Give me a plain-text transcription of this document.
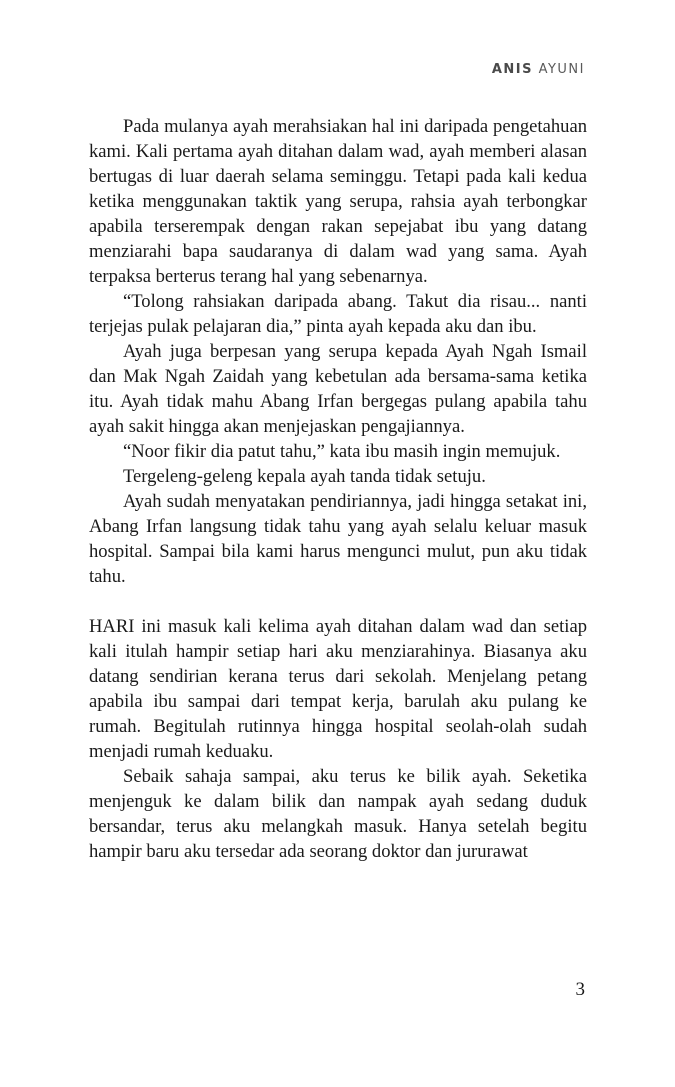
ANIS AYUNI

Pada mulanya ayah merahsiakan hal ini daripada pengetahuan kami. Kali pertama ayah ditahan dalam wad, ayah memberi alasan bertugas di luar daerah selama seminggu. Tetapi pada kali kedua ketika menggunakan taktik yang serupa, rahsia ayah terbongkar apabila terserempak dengan rakan sepejabat ibu yang datang menziarahi bapa saudaranya di dalam wad yang sama. Ayah terpaksa berterus terang hal yang sebenarnya.

“Tolong rahsiakan daripada abang. Takut dia risau... nanti terjejas pulak pelajaran dia,” pinta ayah kepada aku dan ibu.

Ayah juga berpesan yang serupa kepada Ayah Ngah Ismail dan Mak Ngah Zaidah yang kebetulan ada bersama-sama ketika itu. Ayah tidak mahu Abang Irfan bergegas pulang apabila tahu ayah sakit hingga akan menjejaskan pengajiannya.

“Noor fikir dia patut tahu,” kata ibu masih ingin memujuk.

Tergeleng-geleng kepala ayah tanda tidak setuju.

Ayah sudah menyatakan pendiriannya, jadi hingga setakat ini, Abang Irfan langsung tidak tahu yang ayah selalu keluar masuk hospital. Sampai bila kami harus mengunci mulut, pun aku tidak tahu.

HARI ini masuk kali kelima ayah ditahan dalam wad dan setiap kali itulah hampir setiap hari aku menziarahinya. Biasanya aku datang sendirian kerana terus dari sekolah. Menjelang petang apabila ibu sampai dari tempat kerja, barulah aku pulang ke rumah. Begitulah rutinnya hingga hospital seolah-olah sudah menjadi rumah keduaku.

Sebaik sahaja sampai, aku terus ke bilik ayah. Seketika menjenguk ke dalam bilik dan nampak ayah sedang duduk bersandar, terus aku melangkah masuk. Hanya setelah begitu hampir baru aku tersedar ada seorang doktor dan jururawat

3
